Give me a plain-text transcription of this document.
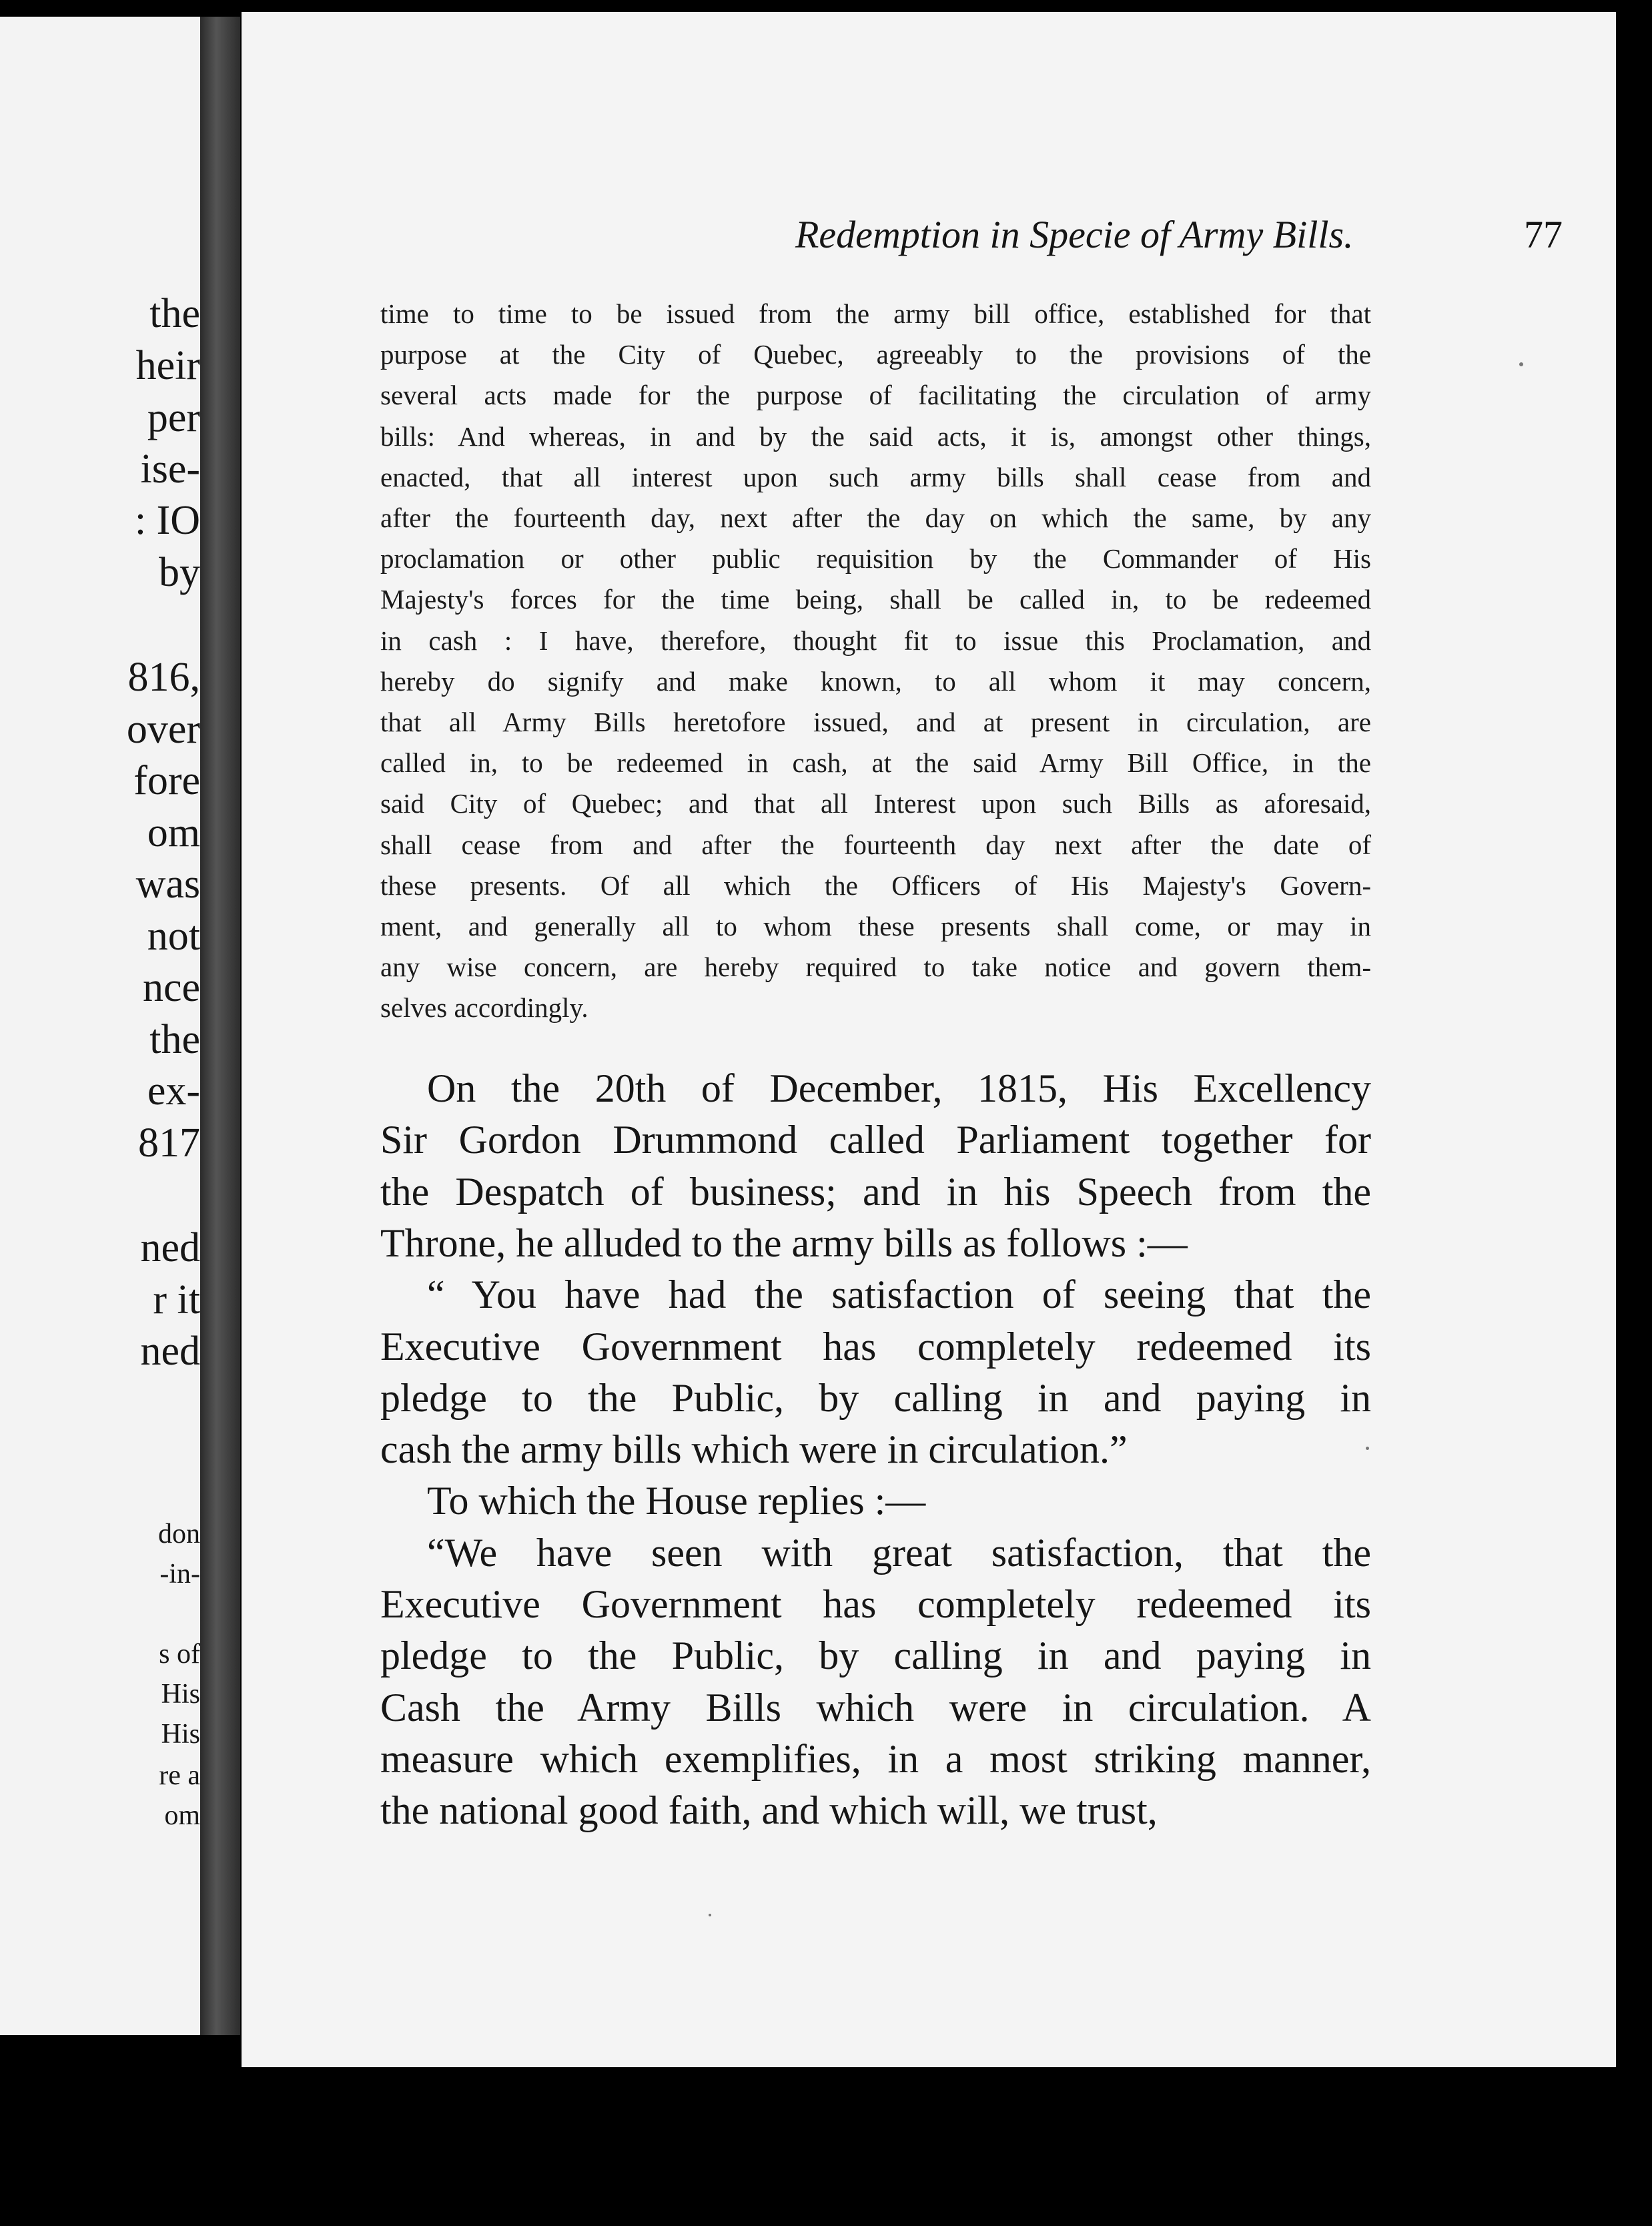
the
heir
per
ise-
: IO
by
816,
over
fore
om
was
not
nce
the
ex-
817
ned
r it
ned
don
-in-
s of
His
His
re a
om
Redemption in Specie of Army Bills.	77
time to time to be issued from the army bill office, established for that
purpose at the City of Quebec, agreeably to the provisions of the
several acts made for the purpose of facilitating the circulation of army
bills: And whereas, in and by the said acts, it is, amongst other things,
enacted, that all interest upon such army bills shall cease from and
after the fourteenth day, next after the day on which the same, by any
proclamation or other public requisition by the Commander of His
Majesty's forces for the time being, shall be called in, to be redeemed
in cash : I have, therefore, thought fit to issue this Proclamation, and
hereby do signify and make known, to all whom it may concern,
that all Army Bills heretofore issued, and at present in circulation, are
called in, to be redeemed in cash, at the said Army Bill Office, in the
said City of Quebec; and that all Interest upon such Bills as aforesaid,
shall cease from and after the fourteenth day next after the date of
these presents. Of all which the Officers of His Majesty's Govern-
ment, and generally all to whom these presents shall come, or may in
any wise concern, are hereby required to take notice and govern them-
selves accordingly.
On the 20th of December, 1815, His Excellency
Sir Gordon Drummond called Parliament together for
the Despatch of business; and in his Speech from the
Throne, he alluded to the army bills as follows :—
“ You have had the satisfaction of seeing that the
Executive Government has completely redeemed its
pledge to the Public, by calling in and paying in
cash the army bills which were in circulation.”
To which the House replies :—
“We have seen with great satisfaction, that the
Executive Government has completely redeemed its
pledge to the Public, by calling in and paying in
Cash the Army Bills which were in circulation. A
measure which exemplifies, in a most striking manner,
the national good faith, and which will, we trust,
